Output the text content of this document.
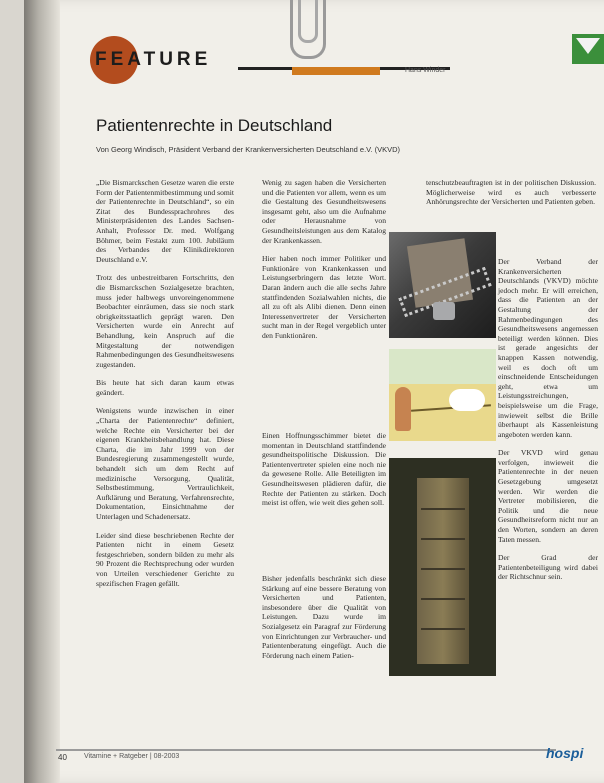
FEATURE
Hans Winder
Patientenrechte in Deutschland
Von Georg Windisch, Präsident Verband der Krankenversicherten Deutschland e.V. (VKVD)

„Die Bismarckschen Gesetze waren die erste Form der Patientenmitbestimmung und somit der Patientenrechte in Deutschland“, so ein Zitat des Bundessprachrohres des Ministerpräsidenten des Landes Sachsen-Anhalt, Professor Dr. med. Wolfgang Böhmer, beim Festakt zum 100. Jubiläum des Verbandes der Klinikdirektoren Deutschland e.V.

Trotz des unbestreitbaren Fortschritts, den die Bismarckschen Sozialgesetze brachten, muss jeder halbwegs unvoreingenommene Beobachter einräumen, dass sie noch stark obrigkeitsstaatlich geprägt waren. Den Versicherten wurde ein Anrecht auf Behandlung, kein Anspruch auf die Mitgestaltung der notwendigen Rahmenbedingungen des Gesundheitswesens zugestanden.

Bis heute hat sich daran kaum etwas geändert.

Wenigstens wurde inzwischen in einer „Charta der Patientenrechte“ definiert, welche Rechte ein Versicherter bei der eigenen Krankheitsbehandlung hat. Diese Charta, die im Jahr 1999 von der Bundesregierung zusammengestellt wurde, behandelt sich um dem Recht auf medizinische Versorgung, Qualität, Selbstbestimmung, Vertraulichkeit, Aufklärung und Beratung, Verfahrensrechte, Dokumentation, Einsichtnahme der Unterlagen und Schadenersatz.

Leider sind diese beschriebenen Rechte der Patienten nicht in einem Gesetz festgeschrieben, sondern bilden zu mehr als 90 Prozent die Rechtsprechung oder wurden von Urteilen verschiedener Gerichte zu spezifischen Fragen gefällt.

Wenig zu sagen haben die Versicherten und die Patienten vor allem, wenn es um die Gestaltung des Gesundheitswesens insgesamt geht, also um die Aufnahme oder Herausnahme von Gesundheitsleistungen aus dem Katalog der Krankenkassen.

Hier haben noch immer Politiker und Funktionäre von Krankenkassen und Leistungserbringern das letzte Wort. Daran ändern auch die alle sechs Jahre stattfindenden Sozialwahlen nichts, die all zu oft als Alibi dienen. Denn einen Interessenvertreter der Versicherten sucht man in der Regel vergeblich unter den Funktionären.

Einen Hoffnungsschimmer bietet die momentan in Deutschland stattfindende gesundheitspolitische Diskussion. Die Patientenvertreter spielen eine noch nie da gewesene Rolle. Alle Beteiligten im Gesundheitswesen plädieren dafür, die Rechte der Patienten zu stärken. Doch meist ist offen, wie weit dies gehen soll.

Bisher jedenfalls beschränkt sich diese Stärkung auf eine bessere Beratung von Versicherten und Patienten, insbesondere über die Qualität von Leistungen. Dazu wurde im Sozialgesetz ein Paragraf zur Förderung von Einrichtungen zur Verbraucher- und Patientenberatung eingefügt. Auch die Förderung nach einem Patien-

tenschutzbeauftragten ist in der politischen Diskussion. Möglicherweise wird es auch verbesserte Anhörungsrechte der Versicherten und Patienten geben.

Der Verband der Krankenversicherten Deutschlands (VKVD) möchte jedoch mehr. Er will erreichen, dass die Patienten an der Gestaltung der Rahmenbedingungen des Gesundheitswesens angemessen beteiligt werden können. Dies ist gerade angesichts der knappen Kassen notwendig, weil es doch oft um einschneidende Entscheidungen geht, etwa um Leistungsstreichungen, beispielsweise um die Frage, inwieweit selbst die Brille überhaupt als Kassenleistung angeboten werden kann.

Der VKVD wird genau verfolgen, inwieweit die Patientenrechte in der neuen Gesetzgebung umgesetzt werden. Wir werden die Vertreter mobilisieren, die Politik und die neue Gesundheitsreform nicht nur an den Worten, sondern an deren Taten messen.

Der Grad der Patientenbeteiligung wird dabei der Richtschnur sein.

40 Vitamine + Ratgeber | 08-2003	hospi
